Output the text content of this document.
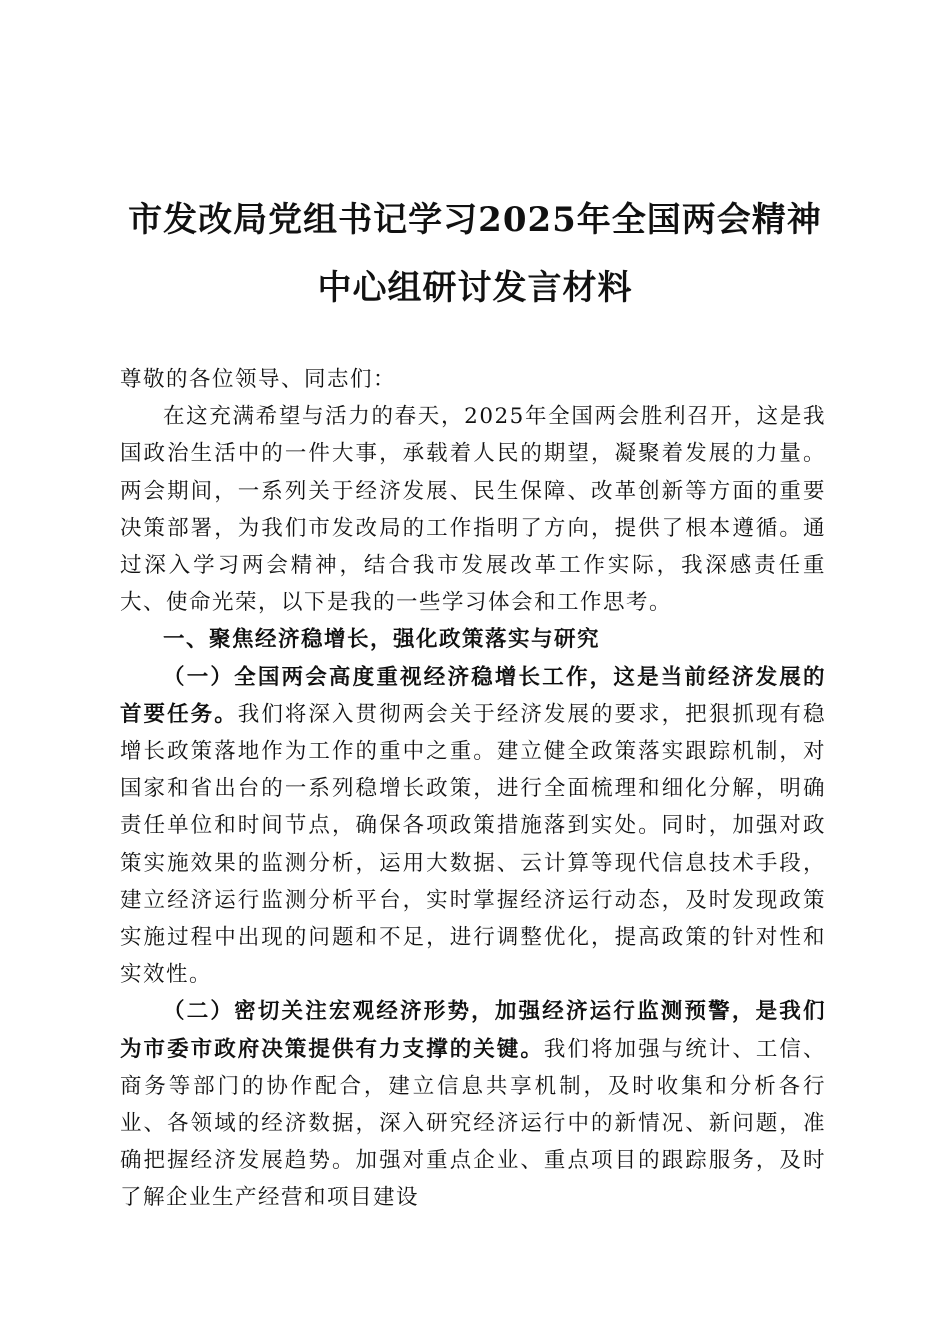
市发改局党组书记学习2025年全国两会精神
中心组研讨发言材料

尊敬的各位领导、同志们：

在这充满希望与活力的春天，2025年全国两会胜利召开，这是我国政治生活中的一件大事，承载着人民的期望，凝聚着发展的力量。两会期间，一系列关于经济发展、民生保障、改革创新等方面的重要决策部署，为我们市发改局的工作指明了方向，提供了根本遵循。通过深入学习两会精神，结合我市发展改革工作实际，我深感责任重大、使命光荣，以下是我的一些学习体会和工作思考。

一、聚焦经济稳增长，强化政策落实与研究

（一）全国两会高度重视经济稳增长工作，这是当前经济发展的首要任务。我们将深入贯彻两会关于经济发展的要求，把狠抓现有稳增长政策落地作为工作的重中之重。建立健全政策落实跟踪机制，对国家和省出台的一系列稳增长政策，进行全面梳理和细化分解，明确责任单位和时间节点，确保各项政策措施落到实处。同时，加强对政策实施效果的监测分析，运用大数据、云计算等现代信息技术手段，建立经济运行监测分析平台，实时掌握经济运行动态，及时发现政策实施过程中出现的问题和不足，进行调整优化，提高政策的针对性和实效性。

（二）密切关注宏观经济形势，加强经济运行监测预警，是我们为市委市政府决策提供有力支撑的关键。我们将加强与统计、工信、商务等部门的协作配合，建立信息共享机制，及时收集和分析各行业、各领域的经济数据，深入研究经济运行中的新情况、新问题，准确把握经济发展趋势。加强对重点企业、重点项目的跟踪服务，及时了解企业生产经营和项目建设
